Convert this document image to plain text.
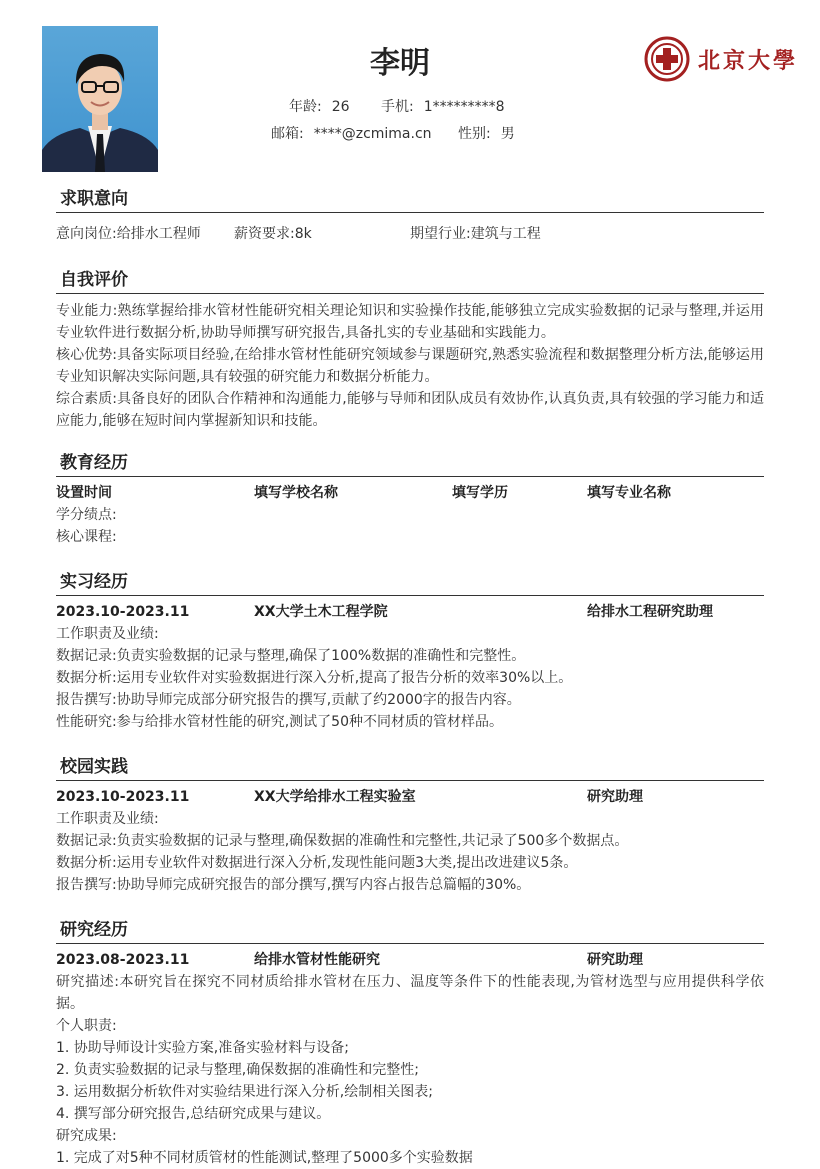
李明
年龄: 26 手机: 1*********8
邮箱: ****@zcmima.cn 性别: 男
北京大學
求职意向
意向岗位:给排水工程师 薪资要求:8k	期望行业:建筑与工程
自我评价
专业能力:熟练掌握给排水管材性能研究相关理论知识和实验操作技能,能够独立完成实验数据的记录与整理,并运用专业软件进行数据分析,协助导师撰写研究报告,具备扎实的专业基础和实践能力。
核心优势:具备实际项目经验,在给排水管材性能研究领域参与课题研究,熟悉实验流程和数据整理分析方法,能够运用专业知识解决实际问题,具有较强的研究能力和数据分析能力。
综合素质:具备良好的团队合作精神和沟通能力,能够与导师和团队成员有效协作,认真负责,具有较强的学习能力和适应能力,能够在短时间内掌握新知识和技能。
教育经历
设置时间	填写学校名称	填写学历	填写专业名称
学分绩点:
核心课程:
实习经历
2023.10-2023.11	XX大学土木工程学院	给排水工程研究助理
工作职责及业绩:
数据记录:负责实验数据的记录与整理,确保了100%数据的准确性和完整性。
数据分析:运用专业软件对实验数据进行深入分析,提高了报告分析的效率30%以上。
报告撰写:协助导师完成部分研究报告的撰写,贡献了约2000字的报告内容。
性能研究:参与给排水管材性能的研究,测试了50种不同材质的管材样品。
校园实践
2023.10-2023.11	XX大学给排水工程实验室	研究助理
工作职责及业绩:
数据记录:负责实验数据的记录与整理,确保数据的准确性和完整性,共记录了500多个数据点。
数据分析:运用专业软件对数据进行深入分析,发现性能问题3大类,提出改进建议5条。
报告撰写:协助导师完成研究报告的部分撰写,撰写内容占报告总篇幅的30%。
研究经历
2023.08-2023.11	给排水管材性能研究	研究助理
研究描述:本研究旨在探究不同材质给排水管材在压力、温度等条件下的性能表现,为管材选型与应用提供科学依据。
个人职责:
1. 协助导师设计实验方案,准备实验材料与设备;
2. 负责实验数据的记录与整理,确保数据的准确性和完整性;
3. 运用数据分析软件对实验结果进行深入分析,绘制相关图表;
4. 撰写部分研究报告,总结研究成果与建议。
研究成果:
1. 完成了对5种不同材质管材的性能测试,整理了5000多个实验数据
